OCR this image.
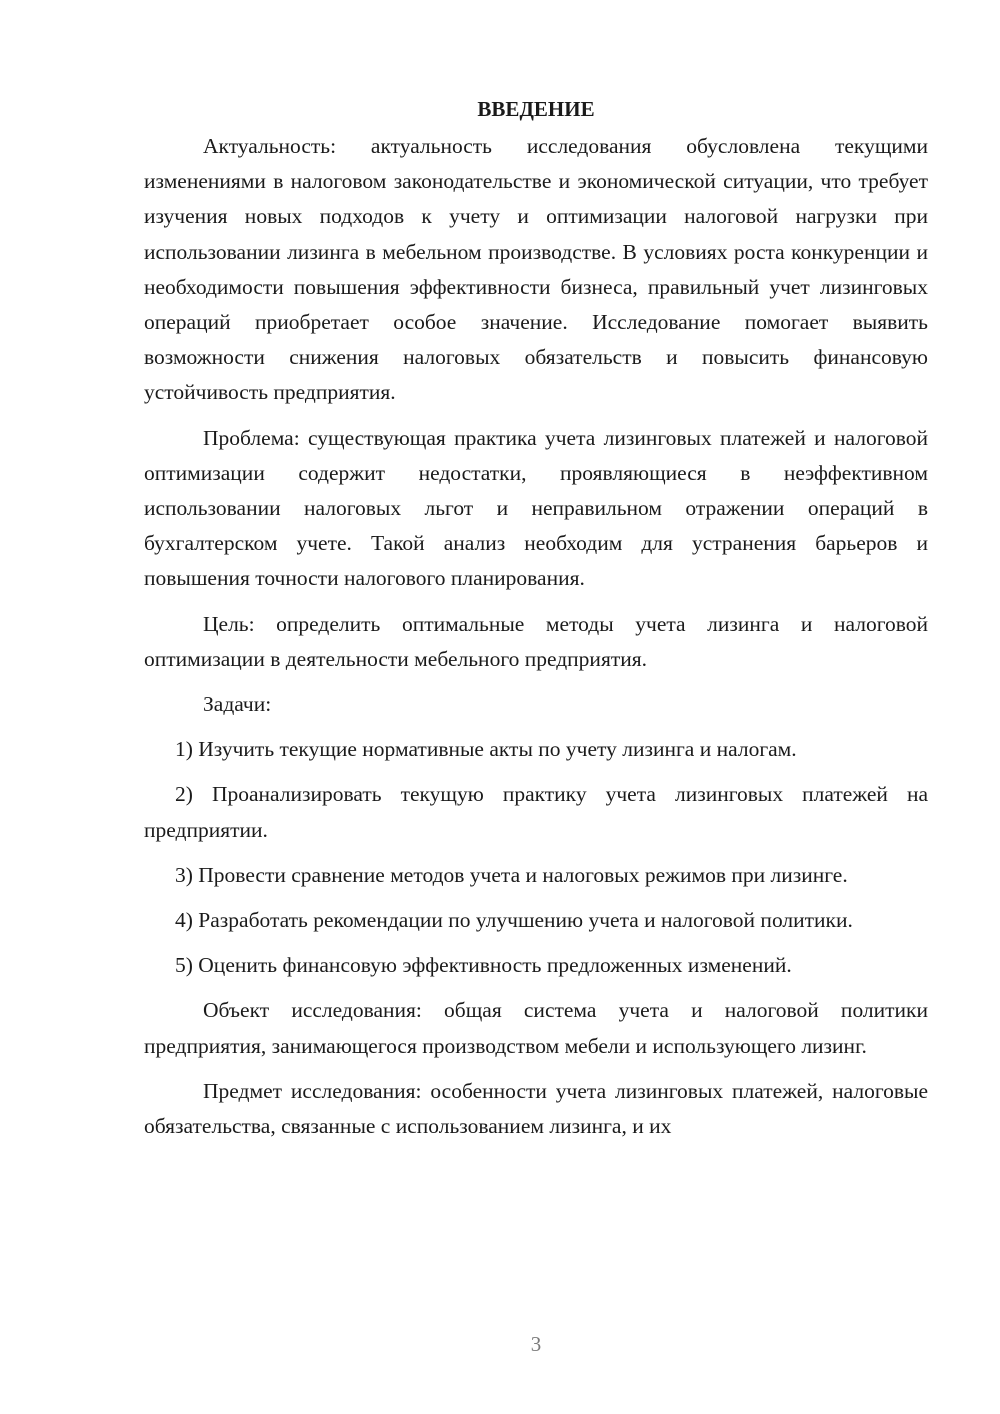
ВВЕДЕНИЕ

Актуальность: актуальность исследования обусловлена текущими изменениями в налоговом законодательстве и экономической ситуации, что требует изучения новых подходов к учету и оптимизации налоговой нагрузки при использовании лизинга в мебельном производстве. В условиях роста конкуренции и необходимости повышения эффективности бизнеса, правильный учет лизинговых операций приобретает особое значение. Исследование помогает выявить возможности снижения налоговых обязательств и повысить финансовую устойчивость предприятия.

Проблема: существующая практика учета лизинговых платежей и налоговой оптимизации содержит недостатки, проявляющиеся в неэффективном использовании налоговых льгот и неправильном отражении операций в бухгалтерском учете. Такой анализ необходим для устранения барьеров и повышения точности налогового планирования.

Цель: определить оптимальные методы учета лизинга и налоговой оптимизации в деятельности мебельного предприятия.

Задачи:

1) Изучить текущие нормативные акты по учету лизинга и налогам.

2) Проанализировать текущую практику учета лизинговых платежей на предприятии.

3) Провести сравнение методов учета и налоговых режимов при лизинге.

4) Разработать рекомендации по улучшению учета и налоговой политики.

5) Оценить финансовую эффективность предложенных изменений.

Объект исследования: общая система учета и налоговой политики предприятия, занимающегося производством мебели и использующего лизинг.

Предмет исследования: особенности учета лизинговых платежей, налоговые обязательства, связанные с использованием лизинга, и их

3
